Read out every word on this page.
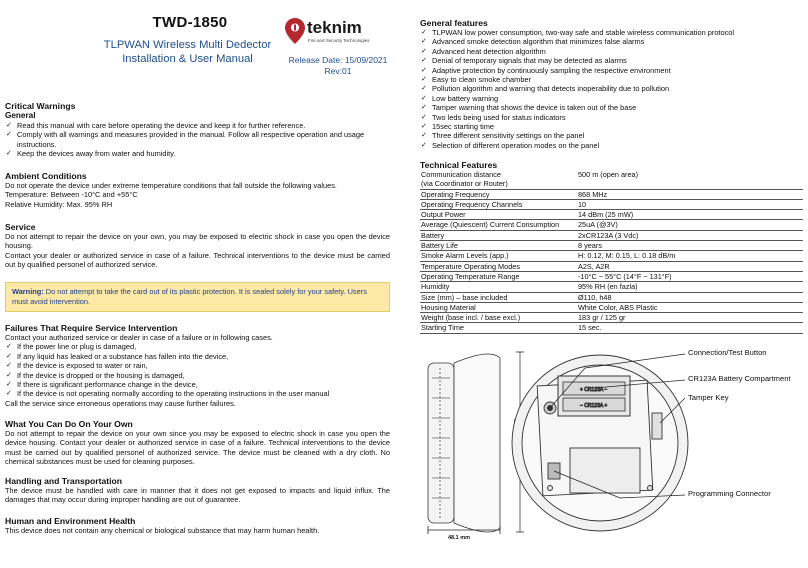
TWD-1850
TLPWAN Wireless Multi Dedector
Installation & User Manual
teknim
Fire and Security Technologies
Release Date: 15/09/2021
Rev:01
Critical Warnings
General
✓ Read this manual with care before operating the device and keep it for further reference.
✓ Comply with all warnings and measures provided in the manual. Follow all respective operation and usage instructions.
✓ Keep the devices away from water and humidity.
Ambient Conditions
Do not operate the device under extreme temperature conditions that fall outside the following values.
Temperature: Between -10°C and +55°C
Relative Humidity: Max. 95% RH
Service
Do not attempt to repair the device on your own, you may be exposed to electric shock in case you open the device housing.
Contact your dealer or authorized service in case of a failure. Technical interventions to the device must be carried out by qualified personel of authorized service.
Warning: Do not attempt to take the card out of its plastic protection. It is sealed solely for your safety. Users must avoid intervention.
Failures That Require Service Intervention
Contact your authorized service or dealer in case of a failure or in following cases.
✓ If the power line or plug is damaged,
✓ If any liquid has leaked or a substance has fallen into the device,
✓ If the device is exposed to water or rain,
✓ If the device is dropped or the housing is damaged,
✓ If there is significant performance change in the device,
✓ If the device is not operating normally according to the operating instructions in the user manual
Call the service since erroneous operations may cause further failures.
What You Can Do On Your Own
Do not attempt to repair the device on your own since you may be exposed to electric shock in case you open the device housing. Contact your dealer or authorized service in case of a failure. Technical interventions to the device must be carried out by qualified personel of authorized service. The device must be cleaned with a dry cloth. No chemical substances must be used for cleaning purposes.
Handling and Transportation
The device must be handled with care in manner that it does not get exposed to impacts and liquid influx. The damages that may occur during improper handling are out of guarantee.
Human and Environment Health
This device does not contain any chemical or biological substance that may harm human health.
General features
✓ TLPWAN low power consumption, two-way safe and stable wireless communication protocol
✓ Advanced smoke detection algorithm that minimizes false alarms
✓ Advanced heat detection algorithm
✓ Denial of temporary signals that may be detected as alarms
✓ Adaptive protection by continuously sampling the respective environment
✓ Easy to clean smoke chamber
✓ Pollution algorithm and warning that detects inoperability due to pollution
✓ Low battery warning
✓ Tamper warning that shows the device is taken out of the base
✓ Two leds being used for status indicators
✓ 15sec starting time
✓ Three different sensitivity settings on the panel
✓ Selection of different operation modes on the panel
Technical Features
Communication distance
(via Coordinator or Router)	500 m (open area)
Operating Frequency	868 MHz
Operating Frequency Channels	10
Output Power	14 dBm (25 mW)
Average (Quiescent) Current Consumption	25uA (@3V)
Battery	2xCR123A (3 Vdc)
Battery Life	8 years
Smoke Alarm Levels (app.)	H: 0.12, M: 0.15, L: 0.18 dB/m
Temperature Operating Modes	A2S, A2R
Operating Temperature Range	-10°C ~ 55°C (14°F ~ 131°F)
Humidity	95% RH (en fazla)
Size (mm) – base included	Ø110, h48
Housing Material	White Color, ABS Plastic
Weight (base incl. / base excl.)	183 gr / 125 gr
Starting Time	15 sec.
48.1 mm
+ CR123A −
− CR123A +
Connection/Test Button
CR123A Battery Compartment
Tamper Key
Programming Connector
